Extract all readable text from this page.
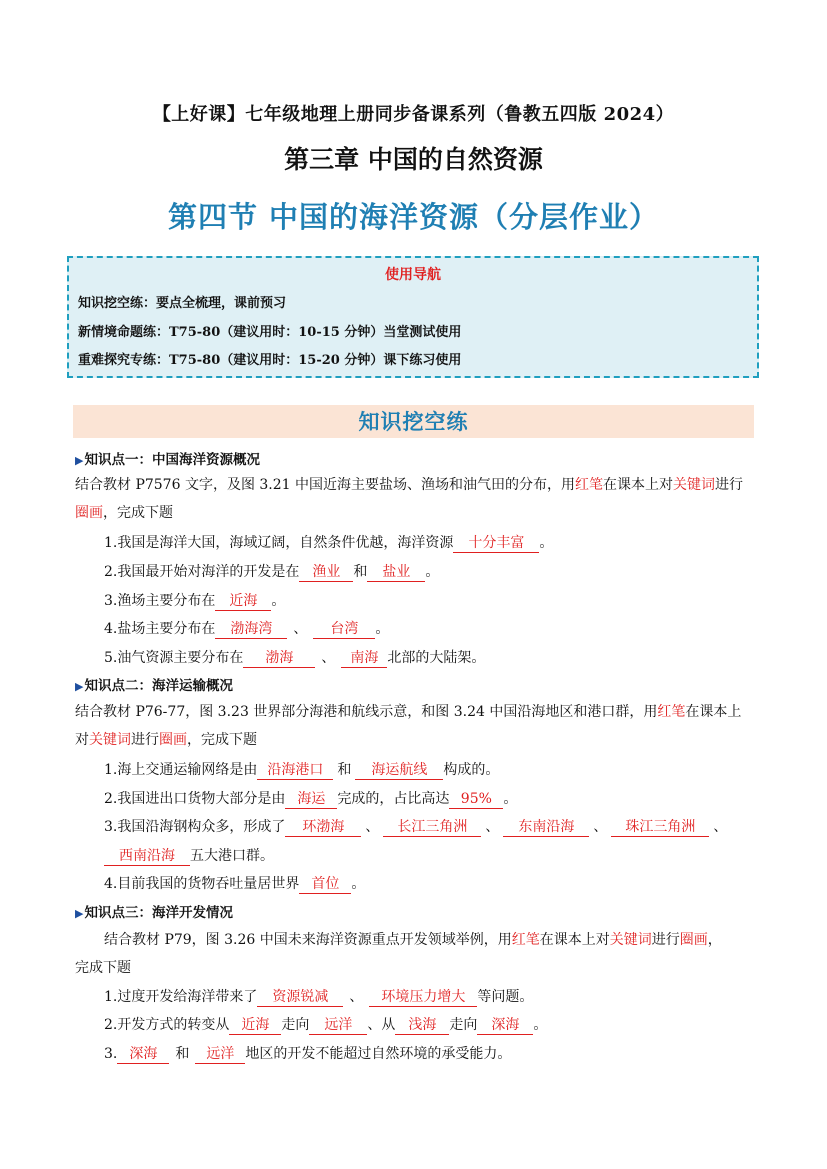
【上好课】七年级地理上册同步备课系列（鲁教五四版 2024）
第三章 中国的自然资源
第四节 中国的海洋资源（分层作业）
使用导航
知识挖空练：要点全梳理，课前预习
新情境命题练：T75-80（建议用时：10-15 分钟）当堂测试使用
重难探究专练：T75-80（建议用时：15-20 分钟）课下练习使用
知识挖空练
▶知识点一：中国海洋资源概况
结合教材 P7576 文字，及图 3.21 中国近海主要盐场、渔场和油气田的分布，用红笔在课本上对关键词进行
圈画，完成下题
1.我国是海洋大国，海域辽阔，自然条件优越，海洋资源 十分丰富 。
2.我国最开始对海洋的开发是在 渔业 和 盐业 。
3.渔场主要分布在 近海 。
4.盐场主要分布在 渤海湾 、 台湾 。
5.油气资源主要分布在 渤海 、 南海 北部的大陆架。
▶知识点二：海洋运输概况
结合教材 P76-77，图 3.23 世界部分海港和航线示意，和图 3.24 中国沿海地区和港口群，用红笔在课本上
对关键词进行圈画，完成下题
1.海上交通运输网络是由 沿海港口 和 海运航线 构成的。
2.我国进出口货物大部分是由 海运 完成的，占比高达 95% 。
3.我国沿海钢构众多，形成了 环渤海 、 长江三角洲 、 东南沿海 、 珠江三角洲 、
西南沿海 五大港口群。
4.目前我国的货物吞吐量居世界 首位 。
▶知识点三：海洋开发情况
结合教材 P79，图 3.26 中国未来海洋资源重点开发领域举例，用红笔在课本上对关键词进行圈画，
完成下题
1.过度开发给海洋带来了 资源锐减 、 环境压力增大 等问题。
2.开发方式的转变从 近海 走向 远洋 、从 浅海 走向 深海 。
3. 深海 和 远洋 地区的开发不能超过自然环境的承受能力。
